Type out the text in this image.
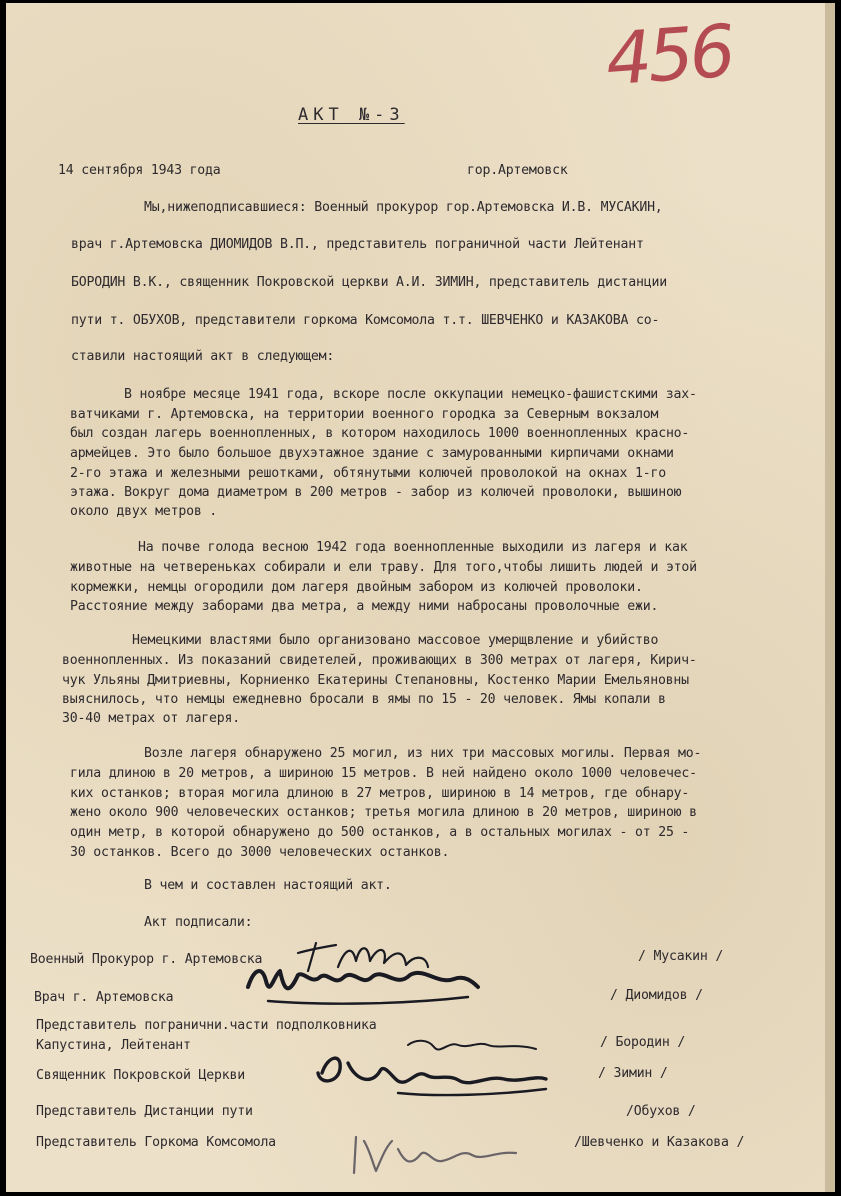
456
АКТ №-3
14 сентября 1943 года	гор.Артемовск
Мы,нижеподписавшиеся: Военный прокурор гор.Артемовска И.В. МУСАКИН,
врач г.Артемовска ДИОМИДОВ В.П., представитель пограничной части Лейтенант
БОРОДИН В.К., священник Покровской церкви А.И. ЗИМИН, представитель дистанции
пути т. ОБУХОВ, представители горкома Комсомола т.т. ШЕВЧЕНКО и КАЗАКОВА со-
ставили настоящий акт в следующем:
В ноябре месяце 1941 года, вскоре после оккупации немецко-фашистскими зах-
ватчиками г. Артемовска, на территории военного городка за Северным вокзалом
был создан лагерь военнопленных, в котором находилось 1000 военнопленных красно-
армейцев. Это было большое двухэтажное здание с замурованными кирпичами окнами
2-го этажа и железными решотками, обтянутыми колючей проволокой на окнах 1-го
этажа. Вокруг дома диаметром в 200 метров - забор из колючей проволоки, вышиною
около двух метров .
На почве голода весною 1942 года военнопленные выходили из лагеря и как
животные на четвереньках собирали и ели траву. Для того,чтобы лишить людей и этой
кормежки, немцы огородили дом лагеря двойным забором из колючей проволоки.
Расстояние между заборами два метра, а между ними набросаны проволочные ежи.
Немецкими властями было организовано массовое умерщвление и убийство
военнопленных. Из показаний свидетелей, проживающих в 300 метрах от лагеря, Кирич-
чук Ульяны Дмитриевны, Корниенко Екатерины Степановны, Костенко Марии Емельяновны
выяснилось, что немцы ежедневно бросали в ямы по 15 - 20 человек. Ямы копали в
30-40 метрах от лагеря.
Возле лагеря обнаружено 25 могил, из них три массовых могилы. Первая мо-
гила длиною в 20 метров, а шириною 15 метров. В ней найдено около 1000 человечес-
ких останков; вторая могила длиною в 27 метров, шириною в 14 метров, где обнару-
жено около 900 человеческих останков; третья могила длиною в 20 метров, шириною в
один метр, в которой обнаружено до 500 останков, а в остальных могилах - от 25 -
30 останков. Всего до 3000 человеческих останков.
В чем и составлен настоящий акт.
Акт подписали:
Военный Прокурор г. Артемовска	/ Мусакин /
Врач г. Артемовска	/ Диомидов /
Представитель погранични.части подполковника
Капустина, Лейтенант	/ Бородин /
Священник Покровской Церкви	/ Зимин /
Представитель Дистанции пути	/Обухов /
Представитель Горкома Комсомола	/Шевченко и Казакова /
